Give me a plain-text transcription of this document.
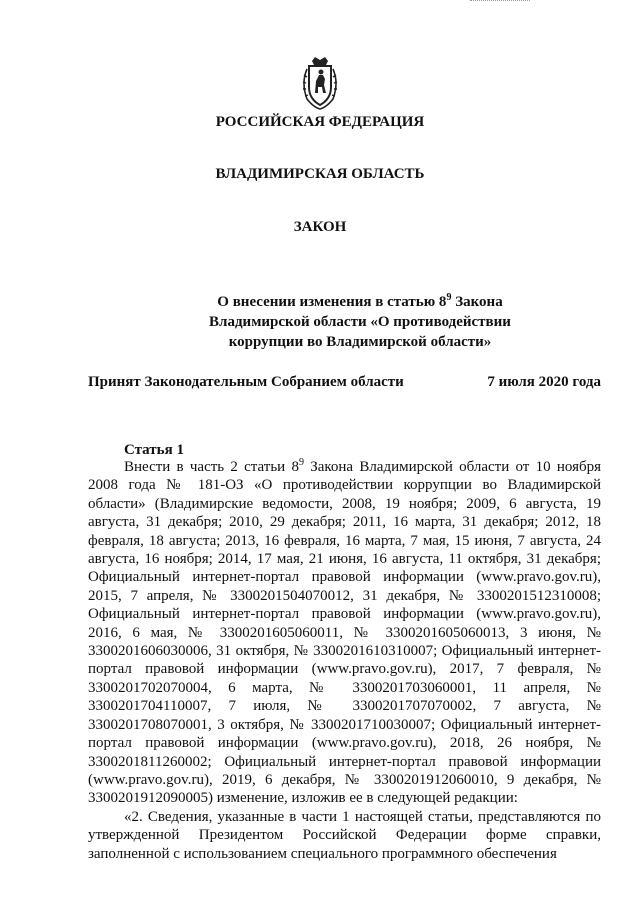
РОССИЙСКАЯ ФЕДЕРАЦИЯ
ВЛАДИМИРСКАЯ ОБЛАСТЬ
ЗАКОН
О внесении изменения в статью $8^9$ Закона
Владимирской области «О противодействии
коррупции во Владимирской области»
Принят Законодательным Собранием области	7 июля 2020 года
Статья 1

Внести в часть 2 статьи $8^9$ Закона Владимирской области от 10 ноября 2008 года № 181-ОЗ «О противодействии коррупции во Владимирской области» (Владимирские ведомости, 2008, 19 ноября; 2009, 6 августа, 19 августа, 31 декабря; 2010, 29 декабря; 2011, 16 марта, 31 декабря; 2012, 18 февраля, 18 августа; 2013, 16 февраля, 16 марта, 7 мая, 15 июня, 7 августа, 24 августа, 16 ноября; 2014, 17 мая, 21 июня, 16 августа, 11 октября, 31 декабря; Официальный интернет-портал правовой информации (www.pravo.gov.ru), 2015, 7 апреля, № 3300201504070012, 31 декабря, № 3300201512310008; Официальный интернет-портал правовой информации (www.pravo.gov.ru), 2016, 6 мая, № 3300201605060011, № 3300201605060013, 3 июня, № 3300201606030006, 31 октября, № 3300201610310007; Официальный интернет-портал правовой информации (www.pravo.gov.ru), 2017, 7 февраля, № 3300201702070004, 6 марта, № 3300201703060001, 11 апреля, № 3300201704110007, 7 июля, № 3300201707070002, 7 августа, № 3300201708070001, 3 октября, № 3300201710030007; Официальный интернет-портал правовой информации (www.pravo.gov.ru), 2018, 26 ноября, № 3300201811260002; Официальный интернет-портал правовой информации (www.pravo.gov.ru), 2019, 6 декабря, № 3300201912060010, 9 декабря, № 3300201912090005) изменение, изложив ее в следующей редакции:

«2. Сведения, указанные в части 1 настоящей статьи, представляются по утвержденной Президентом Российской Федерации форме справки, заполненной с использованием специального программного обеспечения
